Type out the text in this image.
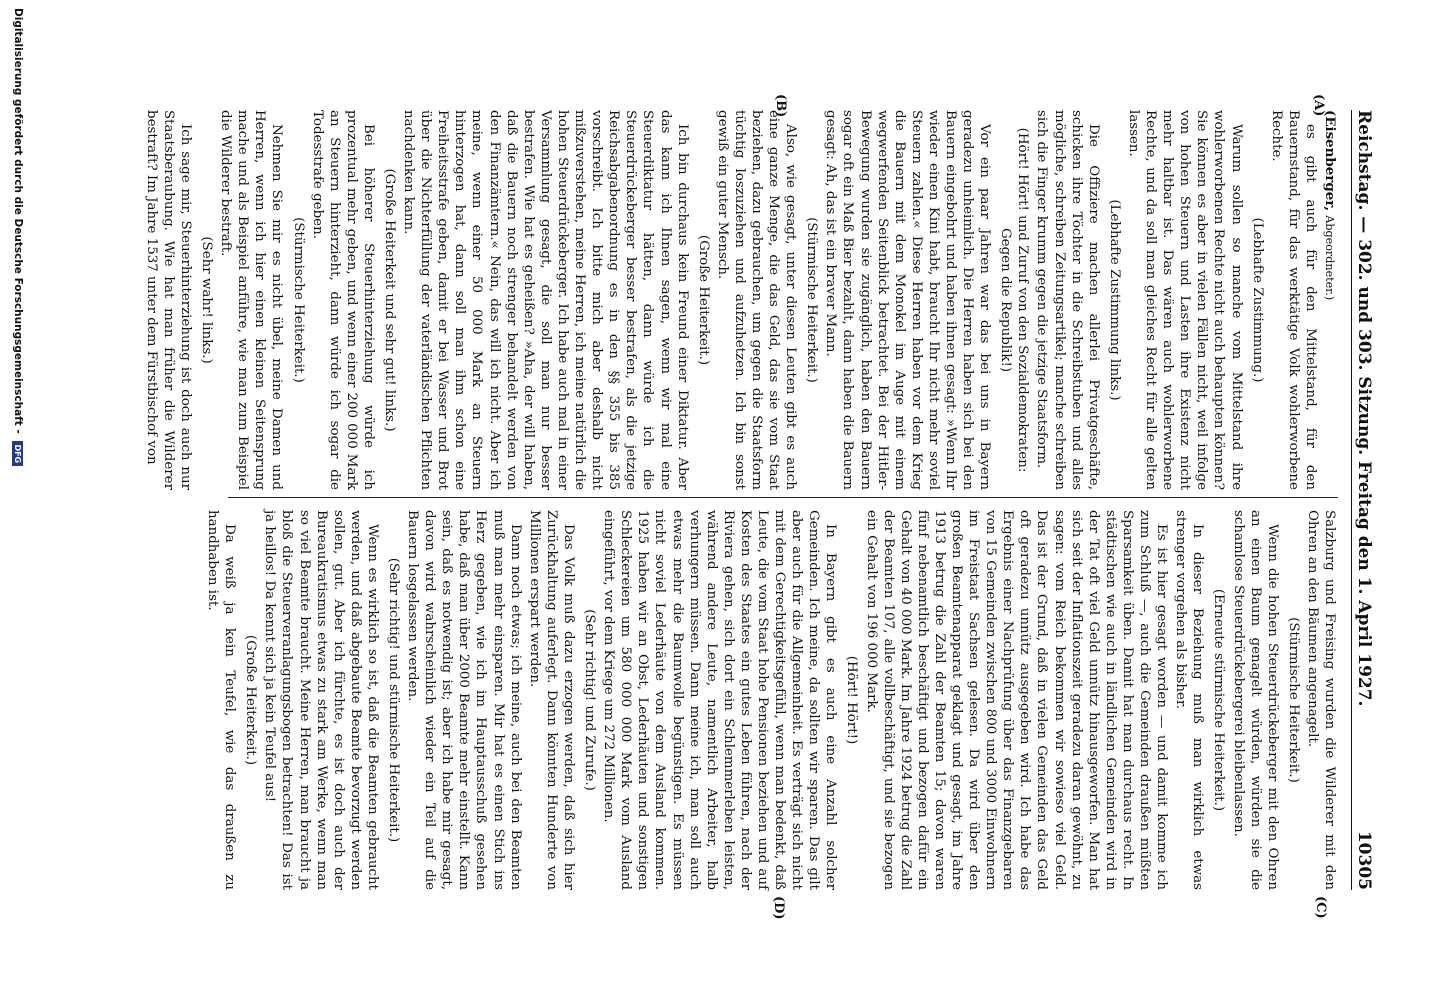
Reichstag. — 302. und 303. Sitzung. Freitag den 1. April 1927.
10305
(A)
(B)
(C)
(D)

(Eisenberger, Abgeordneter.)

es gibt auch für den Mittelstand, für den Bauernstand, für das werktätige Volk wohlerworbene Rechte.

(Lebhafte Zustimmung.)

Warum sollen so manche vom Mittelstand ihre wohlerworbenen Rechte nicht auch behaupten können? Sie können es aber in vielen Fällen nicht, weil infolge von hohen Steuern und Lasten ihre Existenz nicht mehr haltbar ist. Das wären auch wohlerworbene Rechte, und da soll man gleiches Recht für alle gelten lassen.

(Lebhafte Zustimmung links.)

Die Offiziere machen allerlei Privatgeschäfte, schicken ihre Töchter in die Schreibstuben und alles mögliche, schreiben Zeitungsartikel; manche schreiben sich die Finger krumm gegen die jetzige Staatsform.

(Hört! Hört! und Zuruf von den Sozialdemokraten: Gegen die Republik!)

Vor ein paar Jahren war das bei uns in Bayern geradezu unheimlich. Die Herren haben sich bei den Bauern eingebohrt und haben ihnen gesagt: »Wenn Ihr wieder einen Kini habt, braucht Ihr nicht mehr soviel Steuern zahlen.« Diese Herren haben vor dem Krieg die Bauern mit dem Monokel im Auge mit einem wegwerfenden Seitenblick betrachtet. Bei der Hitler-Bewegung wurden sie zugänglich, haben den Bauern sogar oft ein Maß Bier bezahlt, dann haben die Bauern gesagt: Ah, das ist ein braver Mann.

(Stürmische Heiterkeit.)

Also, wie gesagt, unter diesen Leuten gibt es auch eine ganze Menge, die das Geld, das sie vom Staat beziehen, dazu gebrauchen, um gegen die Staatsform tüchtig loszuziehen und aufzuhetzen. Ich bin sonst gewiß ein guter Mensch.

(Große Heiterkeit.)

Ich bin durchaus kein Freund einer Diktatur. Aber das kann ich Ihnen sagen, wenn wir mal eine Steuerdiktatur hätten, dann würde ich die Steuerdrückeberger besser bestrafen, als die jetzige Reichsabgabenordnung es in den §§ 355 bis 385 vorschreibt. Ich bitte mich aber deshalb nicht mißzuverstehen, meine Herren, ich meine natürlich die hohen Steuerdrückeberger. Ich habe auch mal in einer Versammlung gesagt, die soll man nur besser bestrafen. Wie hat es geheißen? »Aha, der will haben, daß die Bauern noch strenger behandelt werden von den Finanzämtern.« Nein, das will ich nicht. Aber ich meine, wenn einer 50 000 Mark an Steuern hinterzogen hat, dann soll man ihm schon eine Freiheitsstrafe geben, damit er bei Wasser und Brot über die Nichterfüllung der vaterländischen Pflichten nachdenken kann.

(Große Heiterkeit und sehr gut! links.)

Bei höherer Steuerhinterziehung würde ich prozentual mehr geben, und wenn einer 200 000 Mark an Steuern hinterzieht, dann würde ich sogar die Todesstrafe geben.

(Stürmische Heiterkeit.)

Nehmen Sie mir es nicht übel, meine Damen und Herren, wenn ich hier einen kleinen Seitensprung mache und als Beispiel anführe, wie man zum Beispiel die Wilderer bestraft.

(Sehr wahr! links.)

Ich sage mir, Steuerhinterziehung ist doch auch nur Staatsberaubung. Wie hat man früher die Wilderer bestraft? Im Jahre 1537 unter dem Fürstbischof von

Salzburg und Freising wurden die Wilderer mit den Ohren an den Bäumen angenagelt.

(Stürmische Heiterkeit.)

Wenn die hohen Steuerdrückeberger mit den Ohren an einen Baum genagelt würden, würden sie die schamlose Steuerdrückebergerei bleibenlassen.

(Erneute stürmische Heiterkeit.)

In dieser Beziehung muß man wirklich etwas strenger vorgehen als bisher.

Es ist hier gesagt worden — und damit komme ich zum Schluß —, auch die Gemeinden draußen müßten Sparsamkeit üben. Damit hat man durchaus recht. In städtischen wie auch in ländlichen Gemeinden wird in der Tat oft viel Geld unnütz hinausgeworfen. Man hat sich seit der Inflationszeit geradezu daran gewöhnt, zu sagen: vom Reich bekommen wir sowieso viel Geld. Das ist der Grund, daß in vielen Gemeinden das Geld oft geradezu unnütz ausgegeben wird. Ich habe das Ergebnis einer Nachprüfung über das Finanzgebaren von 15 Gemeinden zwischen 800 und 3000 Einwohnern im Freistaat Sachsen gelesen. Da wird über den großen Beamtenapparat geklagt und gesagt, im Jahre 1913 betrug die Zahl der Beamten 15; davon waren fünf nebenamtlich beschäftigt und bezogen dafür ein Gehalt von 40 000 Mark. Im Jahre 1924 betrug die Zahl der Beamten 107, alle vollbeschäftigt, und sie bezogen ein Gehalt von 196 000 Mark.

(Hört! Hört!)

In Bayern gibt es auch eine Anzahl solcher Gemeinden. Ich meine, da sollten wir sparen. Das gilt aber auch für die Allgemeinheit. Es verträgt sich nicht mit dem Gerechtigkeitsgefühl, wenn man bedenkt, daß Leute, die vom Staat hohe Pensionen beziehen und auf Kosten des Staates ein gutes Leben führen, nach der Riviera gehen, sich dort ein Schlemmerleben leisten, während andere Leute, namentlich Arbeiter, halb verhungern müssen. Dann meine ich, man soll auch etwas mehr die Baumwolle begünstigen. Es müssen nicht soviel Lederhäute von dem Ausland kommen. 1925 haben wir an Obst, Lederhäuten und sonstigen Schleckereien um 580 000 000 Mark vom Ausland eingeführt, vor dem Kriege um 272 Millionen.

(Sehr richtig! und Zurufe.)

Das Volk muß dazu erzogen werden, daß sich hier Zurückhaltung auferlegt. Dann könnten Hunderte von Millionen erspart werden.

Dann noch etwas; ich meine, auch bei den Beamten muß man mehr einsparen. Mir hat es einen Stich ins Herz gegeben, wie ich im Hauptausschuß gesehen habe, daß man über 2000 Beamte mehr einstellt. Kann sein, daß es notwendig ist; aber ich habe mir gesagt, davon wird wahrscheinlich wieder ein Teil auf die Bauern losgelassen werden.

(Sehr richtig! und stürmische Heiterkeit.)

Wenn es wirklich so ist, daß die Beamten gebraucht werden, und daß abgebaute Beamte bevorzugt werden sollen, gut. Aber ich fürchte, es ist doch auch der Bureaukratismus etwas zu stark am Werke, wenn man so viel Beamte braucht. Meine Herren, man braucht ja bloß die Steuerveranlagungsbogen betrachten! Das ist ja heillos! Da kennt sich ja kein Teufel aus!

(Große Heiterkeit.)

Da weiß ja kein Teufel, wie das draußen zu handhaben ist.

Digitalisierung gefördert durch die Deutsche Forschungsgemeinschaft - DFG
